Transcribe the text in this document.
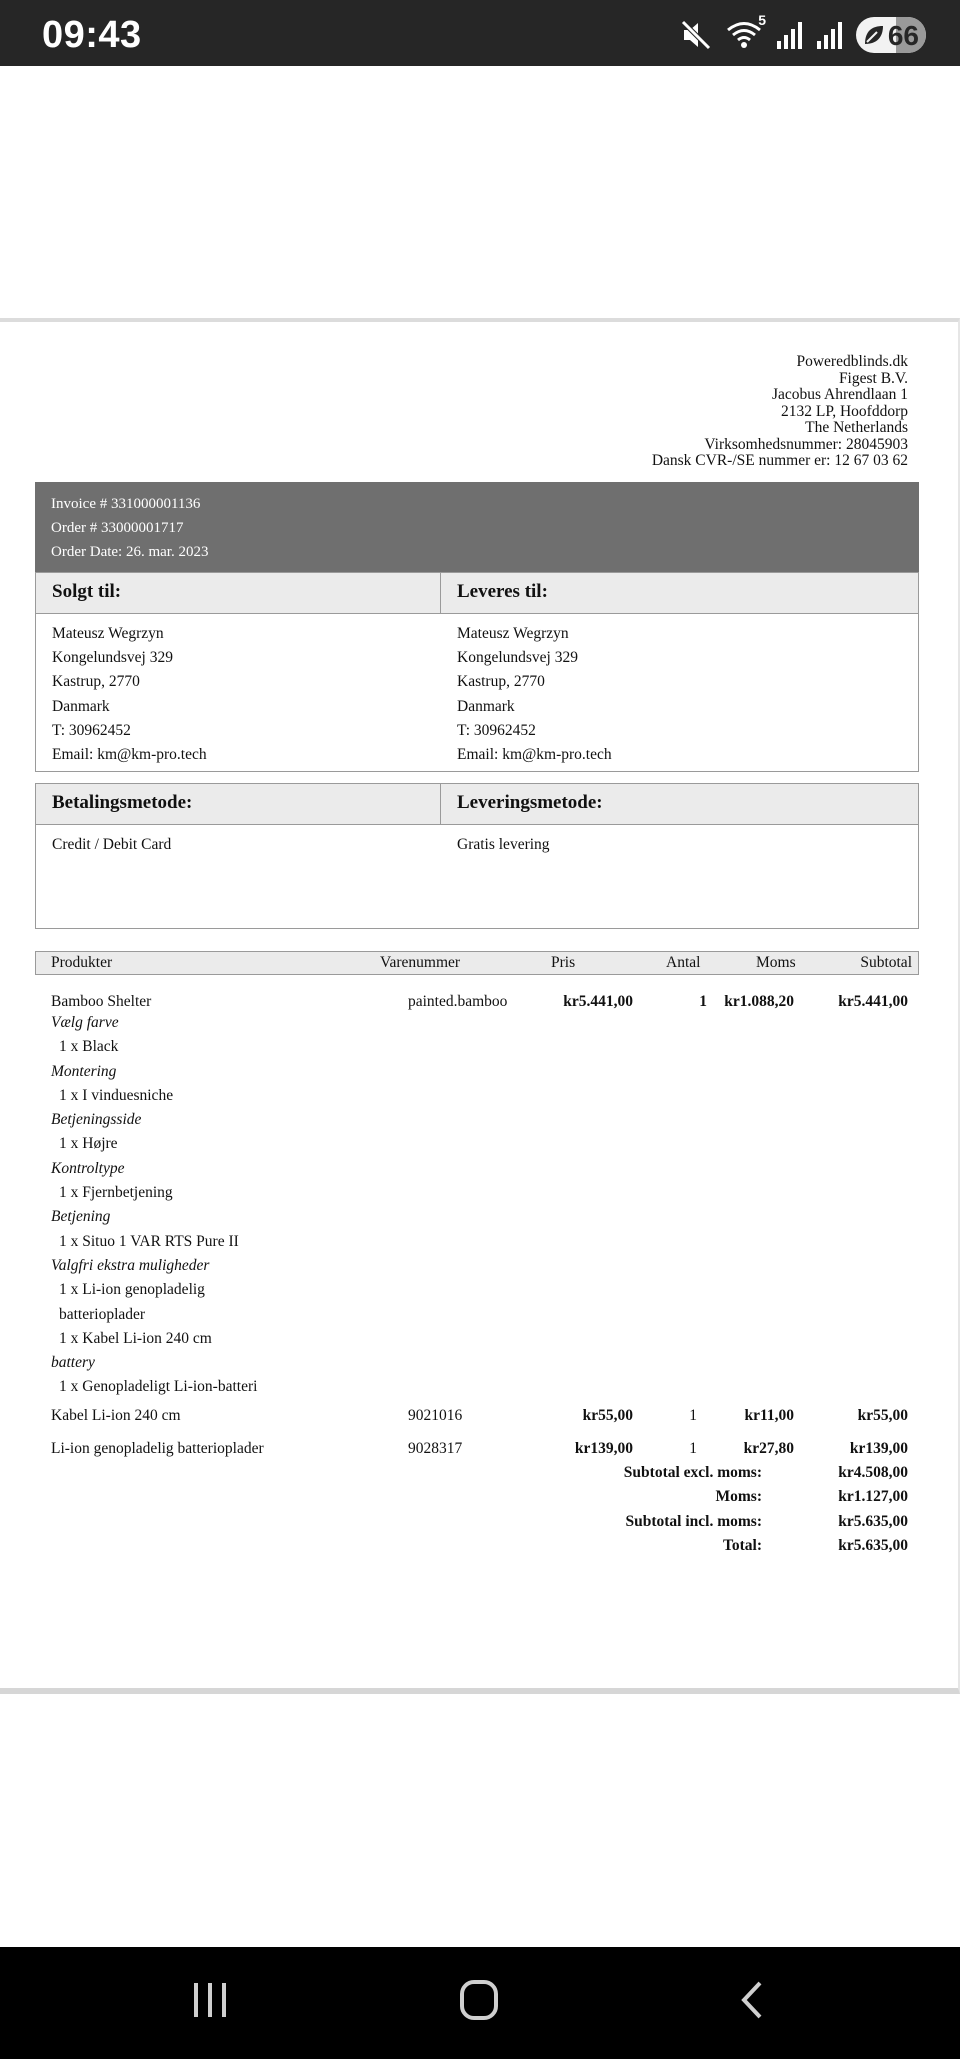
09:43	5	66
Poweredblinds.dk
Figest B.V.
Jacobus Ahrendlaan 1
2132 LP, Hoofddorp
The Netherlands
Virksomhedsnummer: 28045903
Dansk CVR-/SE nummer er: 12 67 03 62
Invoice # 331000001136
Order # 33000001717
Order Date: 26. mar. 2023
Solgt til:	Leveres til:
Mateusz Wegrzyn
Kongelundsvej 329
Kastrup, 2770
Danmark
T: 30962452
Email: km@km-pro.tech
Mateusz Wegrzyn
Kongelundsvej 329
Kastrup, 2770
Danmark
T: 30962452
Email: km@km-pro.tech
Betalingsmetode:	Leveringsmetode:
Credit / Debit Card	Gratis levering
Produkter	Varenummer	Pris	Antal	Moms	Subtotal
Bamboo Shelter	painted.bamboo	kr5.441,00	1 kr1.088,20	kr5.441,00
Vælg farve
1 x Black
Montering
1 x I vinduesniche
Betjeningsside
1 x Højre
Kontroltype
1 x Fjernbetjening
Betjening
1 x Situo 1 VAR RTS Pure II
Valgfri ekstra muligheder
1 x Li-ion genopladelig
batterioplader
1 x Kabel Li-ion 240 cm
battery
1 x Genopladeligt Li-ion-batteri
Kabel Li-ion 240 cm	9021016	kr55,00	1	kr11,00	kr55,00
Li-ion genopladelig batterioplader	9028317	kr139,00	1	kr27,80	kr139,00
Subtotal excl. moms:	kr4.508,00
Moms:	kr1.127,00
Subtotal incl. moms:	kr5.635,00
Total:	kr5.635,00
